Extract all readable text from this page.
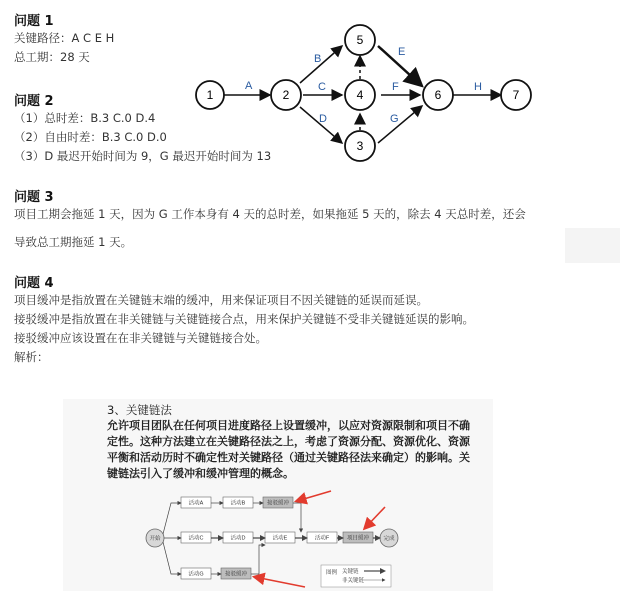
问题 1
关键路径：A C E H
总工期：28 天
问题 2
（1）总时差：B.3 C.0 D.4
（2）自由时差：B.3 C.0 D.0
（3）D 最迟开始时间为 9，G 最迟开始时间为 13
A
B
C
D
E
F
G
H
1	2
5
4
3
6	7
问题 3
项目工期会拖延 1 天，因为 G 工作本身有 4 天的总时差，如果拖延 5 天的，除去 4 天总时差，还会
导致总工期拖延 1 天。
问题 4
项目缓冲是指放置在关键链末端的缓冲，用来保证项目不因关键链的延误而延误。
接驳缓冲是指放置在非关键链与关键链接合点，用来保护关键链不受非关键链延误的影响。
接驳缓冲应该设置在在非关键链与关键链接合处。
解析：
3、关键链法
允许项目团队在任何项目进度路径上设置缓冲，以应对资源限制和项目不确定性。这种方法建立在关键路径法之上，考虑了资源分配、资源优化、资源平衡和活动历时不确定性对关键路径（通过关键路径法来确定）的影响。关键链法引入了缓冲和缓冲管理的概念。
开始	完成
活动A	活动B	接驳缓冲
活动C	活动D	活动E	活动F	项目缓冲
活动G	接驳缓冲	图例 关键链
非关键链
